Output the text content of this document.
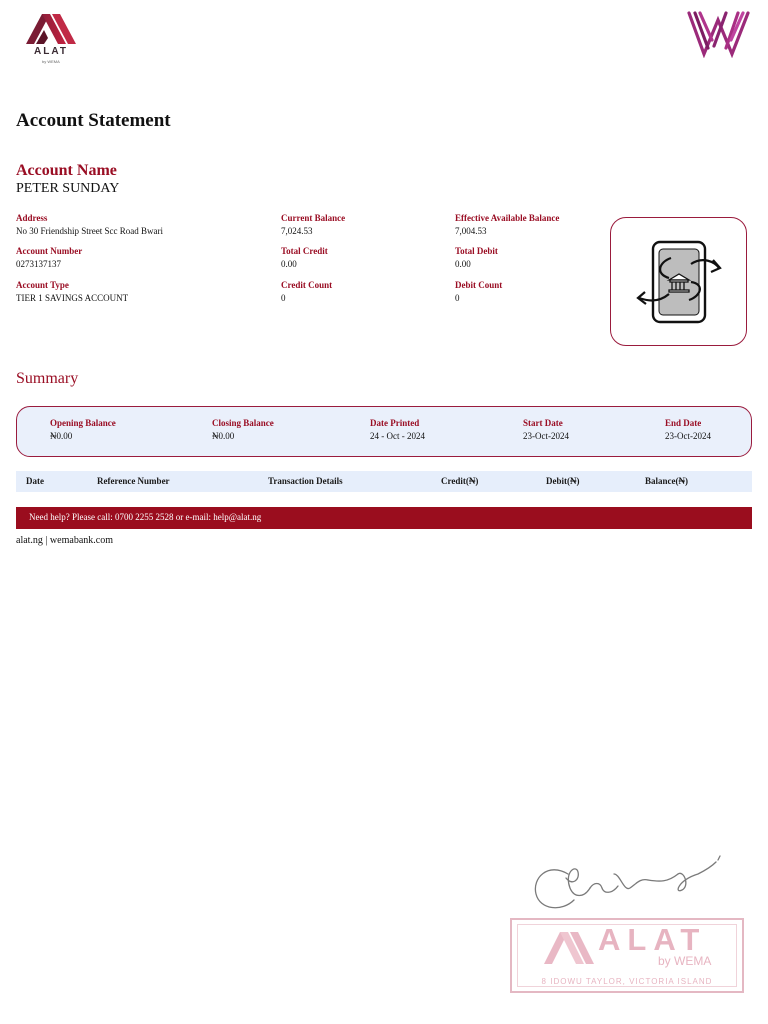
ALAT
by WEMA
Account Statement
Account Name
PETER SUNDAY
Address
No 30 Friendship Street Scc Road Bwari
Current Balance
7,024.53
Effective Available Balance
7,004.53
Account Number
0273137137
Total Credit
0.00
Total Debit
0.00
Account Type
TIER 1 SAVINGS ACCOUNT
Credit Count
0
Debit Count
0
Summary
Opening Balance
₦0.00
Closing Balance
₦0.00
Date Printed
24 - Oct - 2024
Start Date
23-Oct-2024
End Date
23-Oct-2024
Date	Reference Number	Transaction Details	Credit(₦)	Debit(₦)	Balance(₦)
Need help? Please call: 0700 2255 2528 or e-mail: help@alat.ng
alat.ng | wemabank.com
ALAT
by WEMA
8 IDOWU TAYLOR, VICTORIA ISLAND
